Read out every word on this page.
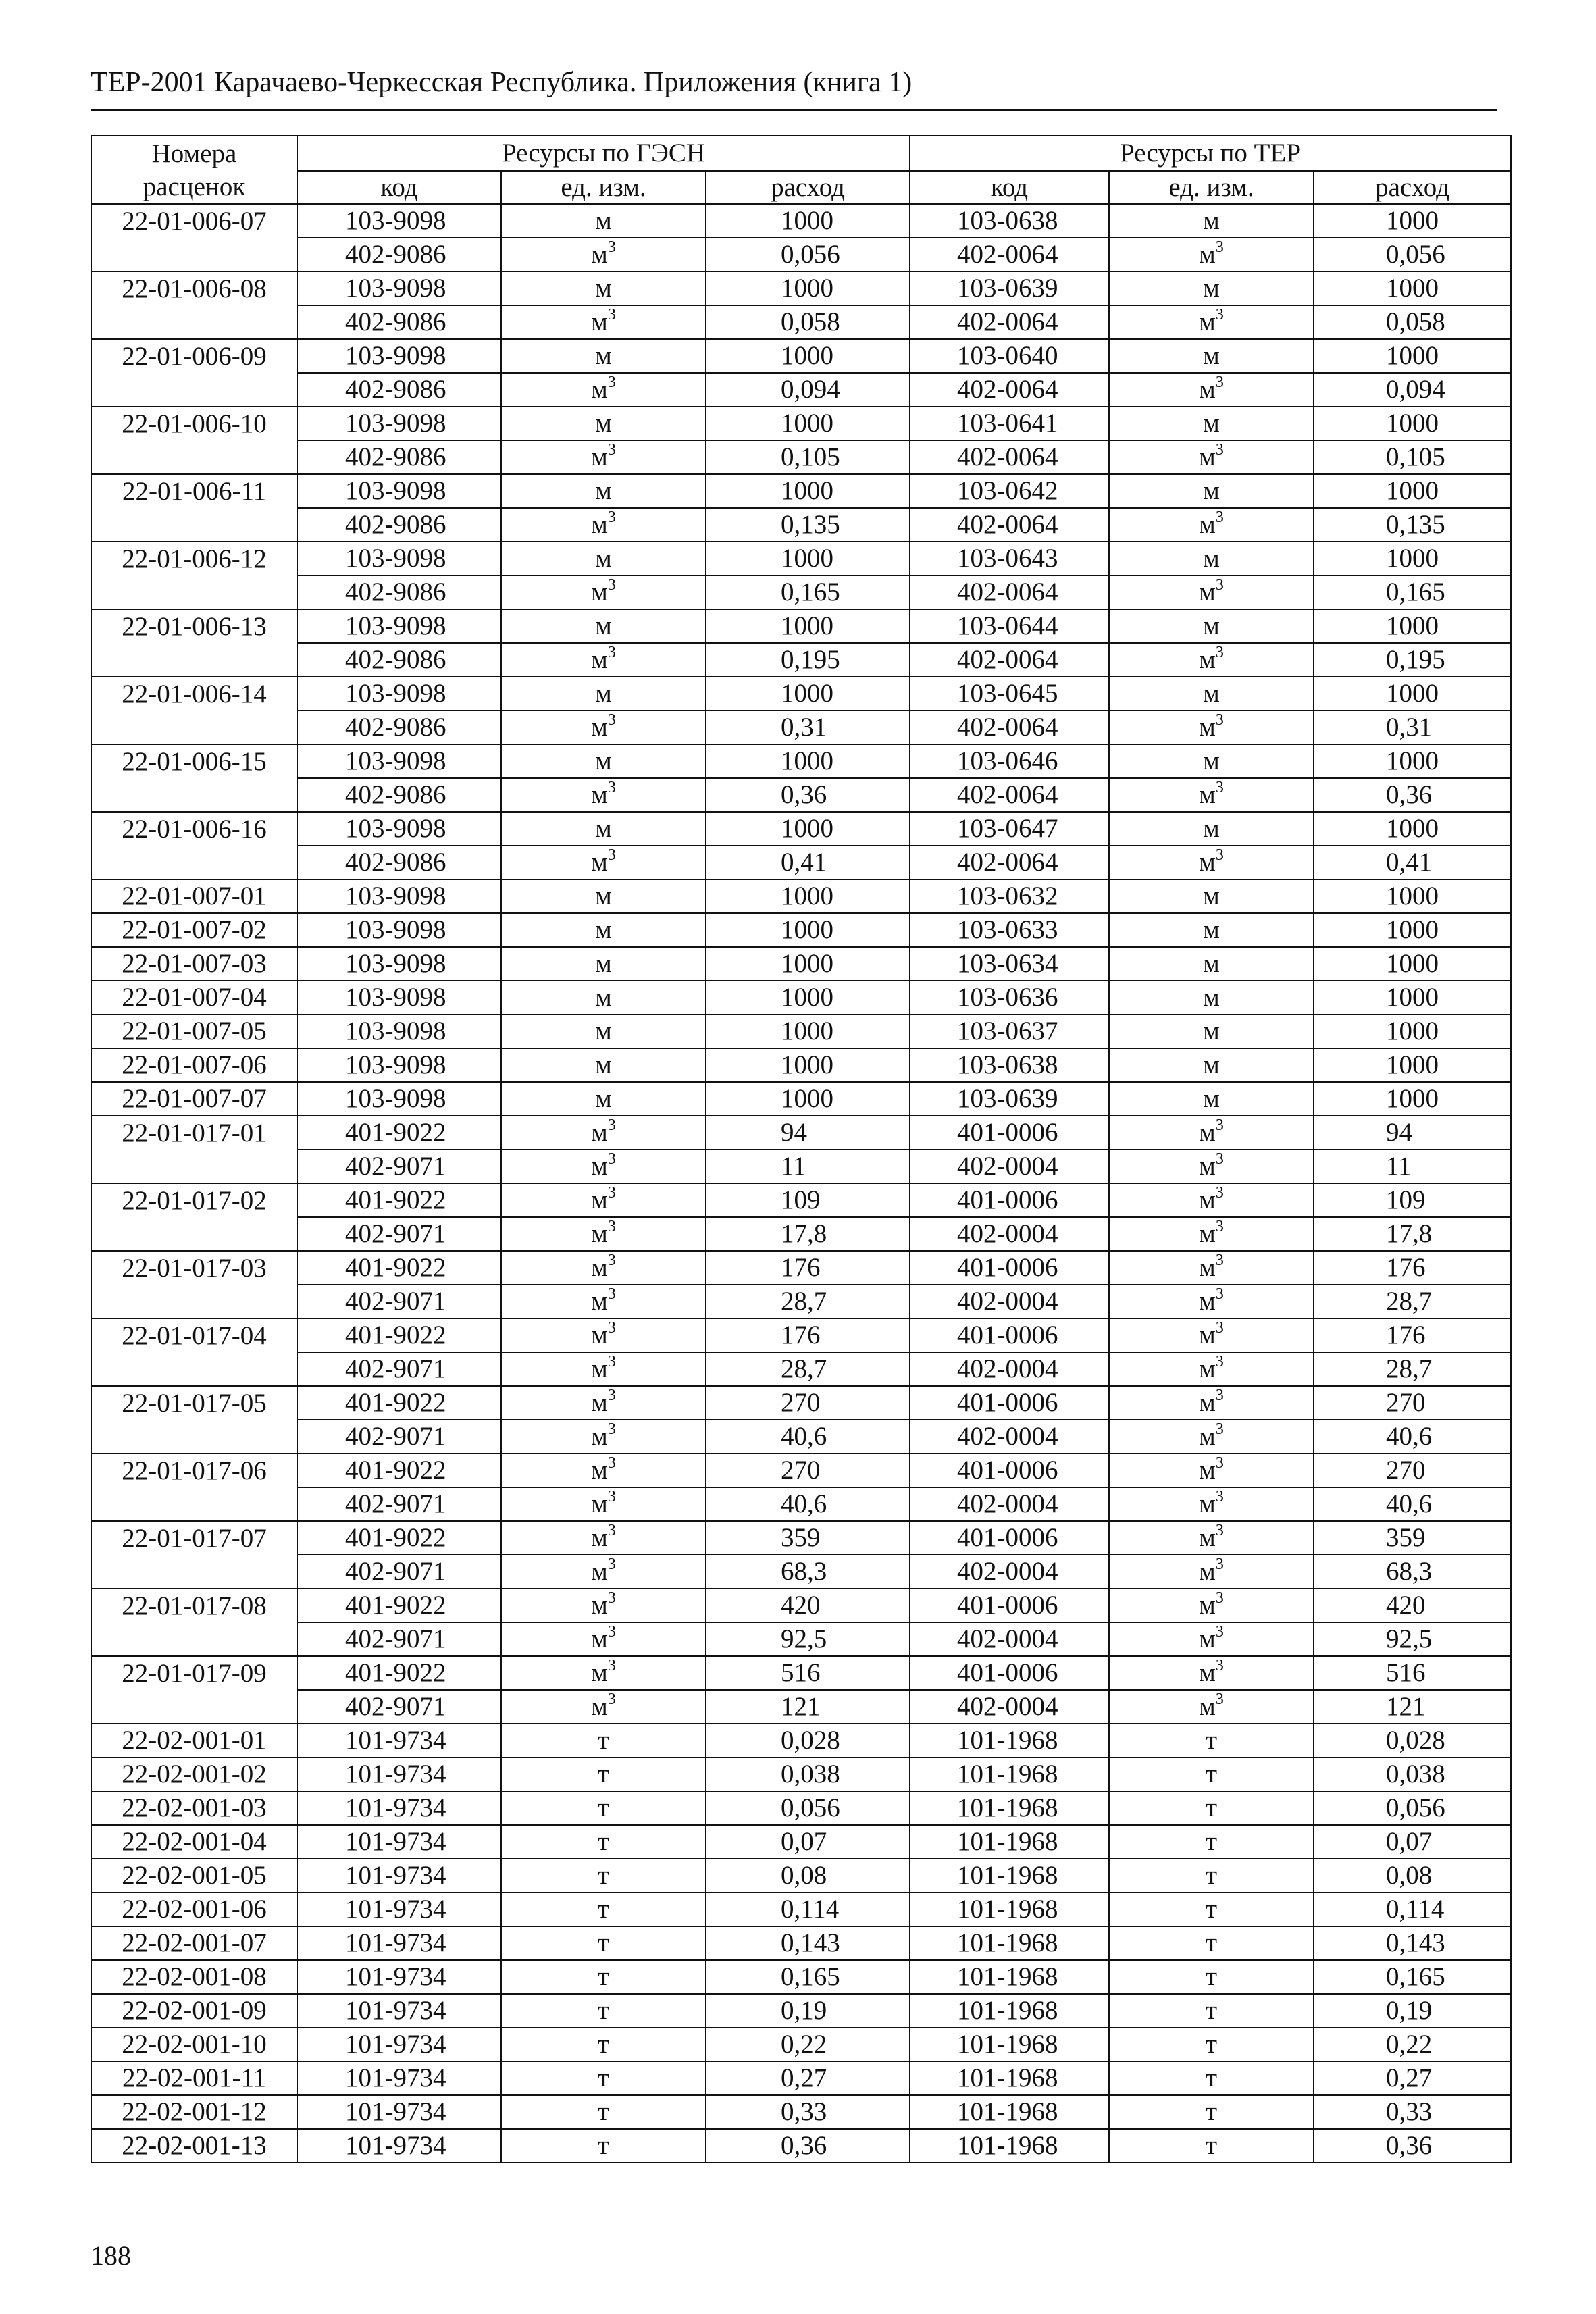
ТЕР-2001 Карачаево-Черкесская Республика. Приложения (книга 1)
Номера	Ресурсы по ГЭСН			Ресурсы по ТЕР		
расценок	код	ед. изм.	расход	код	ед. изм.	расход
22-01-006-07	103-9098	м	1000	103-0638	м	1000
	402-9086	$м^3$	0,056	402-0064	$м^3$	0,056
22-01-006-08	103-9098	м	1000	103-0639	м	1000
	402-9086	$м^3$	0,058	402-0064	$м^3$	0,058
22-01-006-09	103-9098	м	1000	103-0640	м	1000
	402-9086	$м^3$	0,094	402-0064	$м^3$	0,094
22-01-006-10	103-9098	м	1000	103-0641	м	1000
	402-9086	$м^3$	0,105	402-0064	$м^3$	0,105
22-01-006-11	103-9098	м	1000	103-0642	м	1000
	402-9086	$м^3$	0,135	402-0064	$м^3$	0,135
22-01-006-12	103-9098	м	1000	103-0643	м	1000
	402-9086	$м^3$	0,165	402-0064	$м^3$	0,165
22-01-006-13	103-9098	м	1000	103-0644	м	1000
	402-9086	$м^3$	0,195	402-0064	$м^3$	0,195
22-01-006-14	103-9098	м	1000	103-0645	м	1000
	402-9086	$м^3$	0,31	402-0064	$м^3$	0,31
22-01-006-15	103-9098	м	1000	103-0646	м	1000
	402-9086	$м^3$	0,36	402-0064	$м^3$	0,36
22-01-006-16	103-9098	м	1000	103-0647	м	1000
	402-9086	$м^3$	0,41	402-0064	$м^3$	0,41
22-01-007-01	103-9098	м	1000	103-0632	м	1000
22-01-007-02	103-9098	м	1000	103-0633	м	1000
22-01-007-03	103-9098	м	1000	103-0634	м	1000
22-01-007-04	103-9098	м	1000	103-0636	м	1000
22-01-007-05	103-9098	м	1000	103-0637	м	1000
22-01-007-06	103-9098	м	1000	103-0638	м	1000
22-01-007-07	103-9098	м	1000	103-0639	м	1000
22-01-017-01	401-9022	$м^3$	94	401-0006	$м^3$	94
	402-9071	$м^3$	11	402-0004	$м^3$	11
22-01-017-02	401-9022	$м^3$	109	401-0006	$м^3$	109
	402-9071	$м^3$	17,8	402-0004	$м^3$	17,8
22-01-017-03	401-9022	$м^3$	176	401-0006	$м^3$	176
	402-9071	$м^3$	28,7	402-0004	$м^3$	28,7
22-01-017-04	401-9022	$м^3$	176	401-0006	$м^3$	176
	402-9071	$м^3$	28,7	402-0004	$м^3$	28,7
22-01-017-05	401-9022	$м^3$	270	401-0006	$м^3$	270
	402-9071	$м^3$	40,6	402-0004	$м^3$	40,6
22-01-017-06	401-9022	$м^3$	270	401-0006	$м^3$	270
	402-9071	$м^3$	40,6	402-0004	$м^3$	40,6
22-01-017-07	401-9022	$м^3$	359	401-0006	$м^3$	359
	402-9071	$м^3$	68,3	402-0004	$м^3$	68,3
22-01-017-08	401-9022	$м^3$	420	401-0006	$м^3$	420
	402-9071	$м^3$	92,5	402-0004	$м^3$	92,5
22-01-017-09	401-9022	$м^3$	516	401-0006	$м^3$	516
	402-9071	$м^3$	121	402-0004	$м^3$	121
22-02-001-01	101-9734	т	0,028	101-1968	т	0,028
22-02-001-02	101-9734	т	0,038	101-1968	т	0,038
22-02-001-03	101-9734	т	0,056	101-1968	т	0,056
22-02-001-04	101-9734	т	0,07	101-1968	т	0,07
22-02-001-05	101-9734	т	0,08	101-1968	т	0,08
22-02-001-06	101-9734	т	0,114	101-1968	т	0,114
22-02-001-07	101-9734	т	0,143	101-1968	т	0,143
22-02-001-08	101-9734	т	0,165	101-1968	т	0,165
22-02-001-09	101-9734	т	0,19	101-1968	т	0,19
22-02-001-10	101-9734	т	0,22	101-1968	т	0,22
22-02-001-11	101-9734	т	0,27	101-1968	т	0,27
22-02-001-12	101-9734	т	0,33	101-1968	т	0,33
22-02-001-13	101-9734	т	0,36	101-1968	т	0,36
188
